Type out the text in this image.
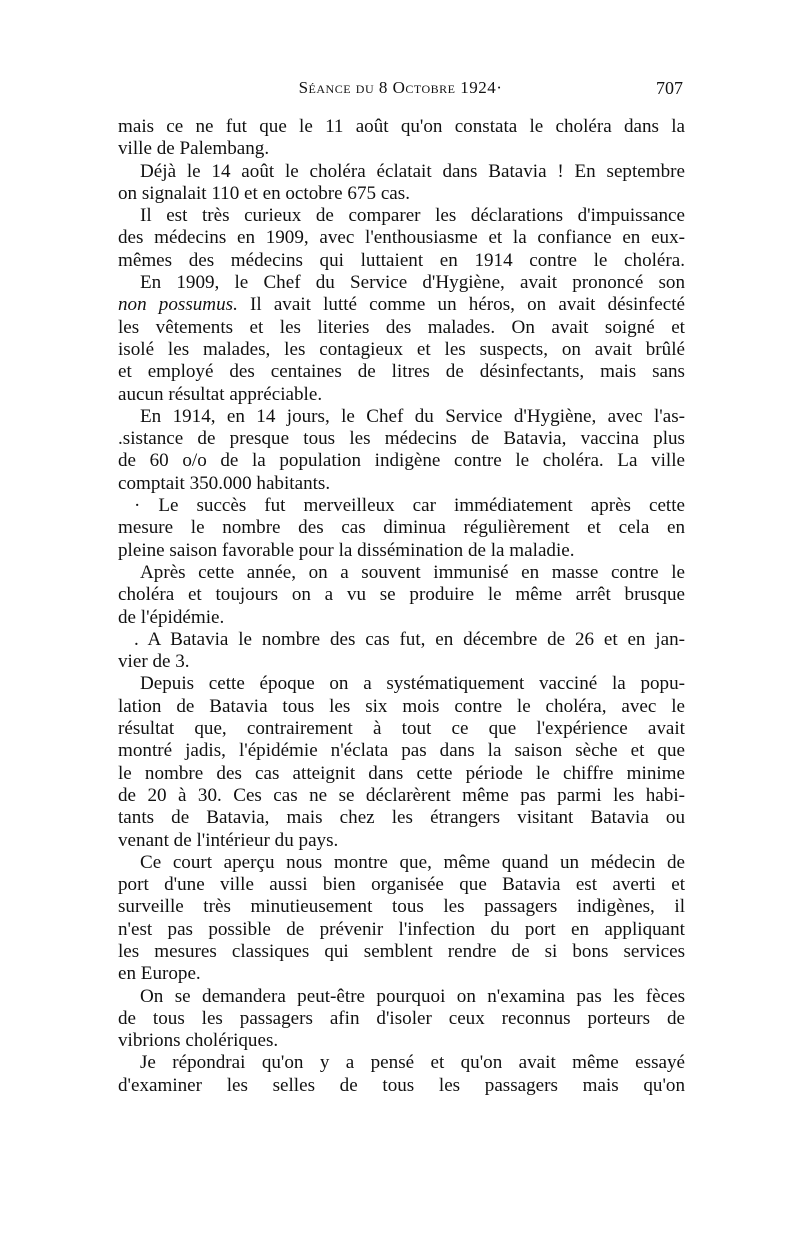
Séance du 8 Octobre 1924·	707
mais ce ne fut que le 11 août qu'on constata le choléra dans la
ville de Palembang.
Déjà le 14 août le choléra éclatait dans Batavia ! En septembre
on signalait 110 et en octobre 675 cas.
Il est très curieux de comparer les déclarations d'impuissance
des médecins en 1909, avec l'enthousiasme et la confiance en eux-
mêmes des médecins qui luttaient en 1914 contre le choléra.
En 1909, le Chef du Service d'Hygiène, avait prononcé son
non possumus. Il avait lutté comme un héros, on avait désinfecté
les vêtements et les literies des malades. On avait soigné et
isolé les malades, les contagieux et les suspects, on avait brûlé
et employé des centaines de litres de désinfectants, mais sans
aucun résultat appréciable.
En 1914, en 14 jours, le Chef du Service d'Hygiène, avec l'as-
.sistance de presque tous les médecins de Batavia, vaccina plus
de 60 o/o de la population indigène contre le choléra. La ville
comptait 350.000 habitants.
· Le succès fut merveilleux car immédiatement après cette
mesure le nombre des cas diminua régulièrement et cela en
pleine saison favorable pour la dissémination de la maladie.
Après cette année, on a souvent immunisé en masse contre le
choléra et toujours on a vu se produire le même arrêt brusque
de l'épidémie.
. A Batavia le nombre des cas fut, en décembre de 26 et en jan-
vier de 3.
Depuis cette époque on a systématiquement vacciné la popu-
lation de Batavia tous les six mois contre le choléra, avec le
résultat que, contrairement à tout ce que l'expérience avait
montré jadis, l'épidémie n'éclata pas dans la saison sèche et que
le nombre des cas atteignit dans cette période le chiffre minime
de 20 à 30. Ces cas ne se déclarèrent même pas parmi les habi-
tants de Batavia, mais chez les étrangers visitant Batavia ou
venant de l'intérieur du pays.
Ce court aperçu nous montre que, même quand un médecin de
port d'une ville aussi bien organisée que Batavia est averti et
surveille très minutieusement tous les passagers indigènes, il
n'est pas possible de prévenir l'infection du port en appliquant
les mesures classiques qui semblent rendre de si bons services
en Europe.
On se demandera peut-être pourquoi on n'examina pas les fèces
de tous les passagers afin d'isoler ceux reconnus porteurs de
vibrions cholériques.
Je répondrai qu'on y a pensé et qu'on avait même essayé
d'examiner les selles de tous les passagers mais qu'on
